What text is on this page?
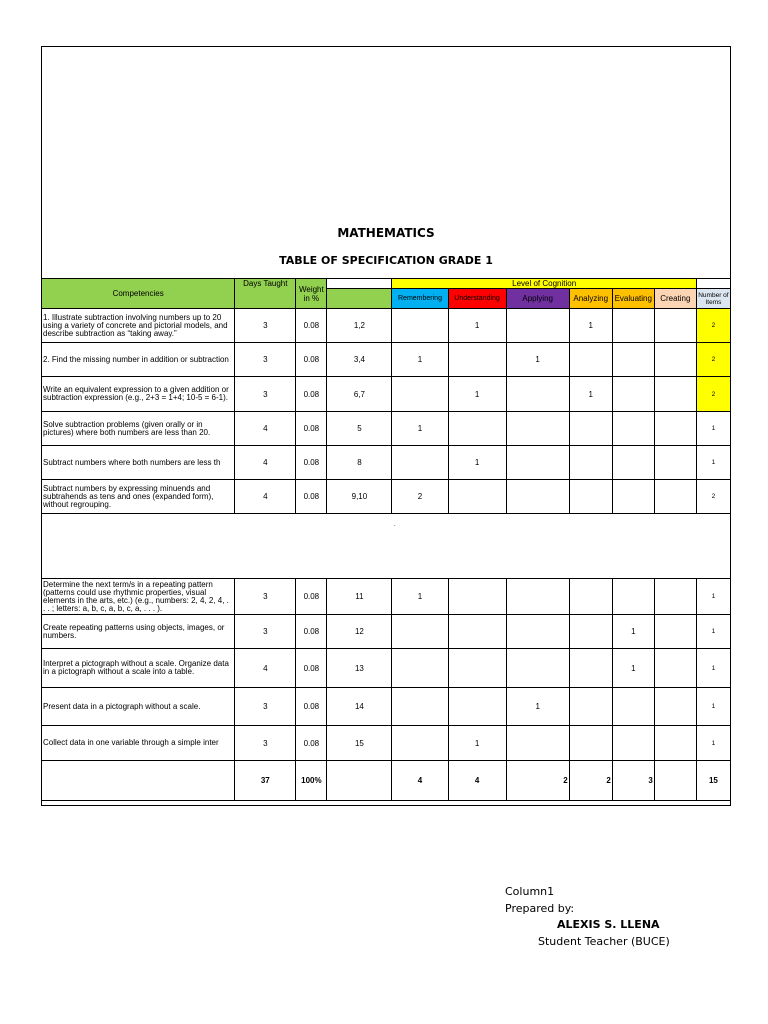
MATHEMATICS
TABLE OF SPECIFICATION GRADE 1
Competencies	Days Taught	Weight in %		Level of Cognition						
				Remembering	Understanding	Applying	Analyzing	Evaluating	Creating	Number of Items
1. Illustrate subtraction involving numbers up to 20 using a variety of concrete and pictorial models, and describe subtraction as “taking away.”	3	0.08	1,2		1		1			2
2. Find the missing number in addition or subtraction	3	0.08	3,4	1		1				2
Write an equivalent expression to a given addition or subtraction expression (e.g., 2+3 = 1+4; 10-5 = 6-1).	3	0.08	6,7		1		1			2
Solve subtraction problems (given orally or in pictures) where both numbers are less than 20.	4	0.08	5	1						1
Subtract numbers where both numbers are less th	4	0.08	8		1					1
Subtract numbers by expressing minuends and subtrahends as tens and ones (expanded form), without regrouping.	4	0.08	9,10	2						2
.
Determine the next term/s in a repeating pattern (patterns could use rhythmic properties, visual elements in the arts, etc.) (e.g., numbers: 2, 4, 2, 4, . . . ; letters: a, b, c, a, b, c, a, . . . ).	3	0.08	11	1						1
Create repeating patterns using objects, images, or numbers.	3	0.08	12					1		1
Interpret a pictograph without a scale. Organize data in a pictograph without a scale into a table.	4	0.08	13					1		1
Present data in a pictograph without a scale.	3	0.08	14			1				1
Collect data in one variable through a simple inter	3	0.08	15		1					1
	37	100%		4	4	2	2	3		15
Column1
Prepared by:
ALEXIS S. LLENA
Student Teacher (BUCE)
